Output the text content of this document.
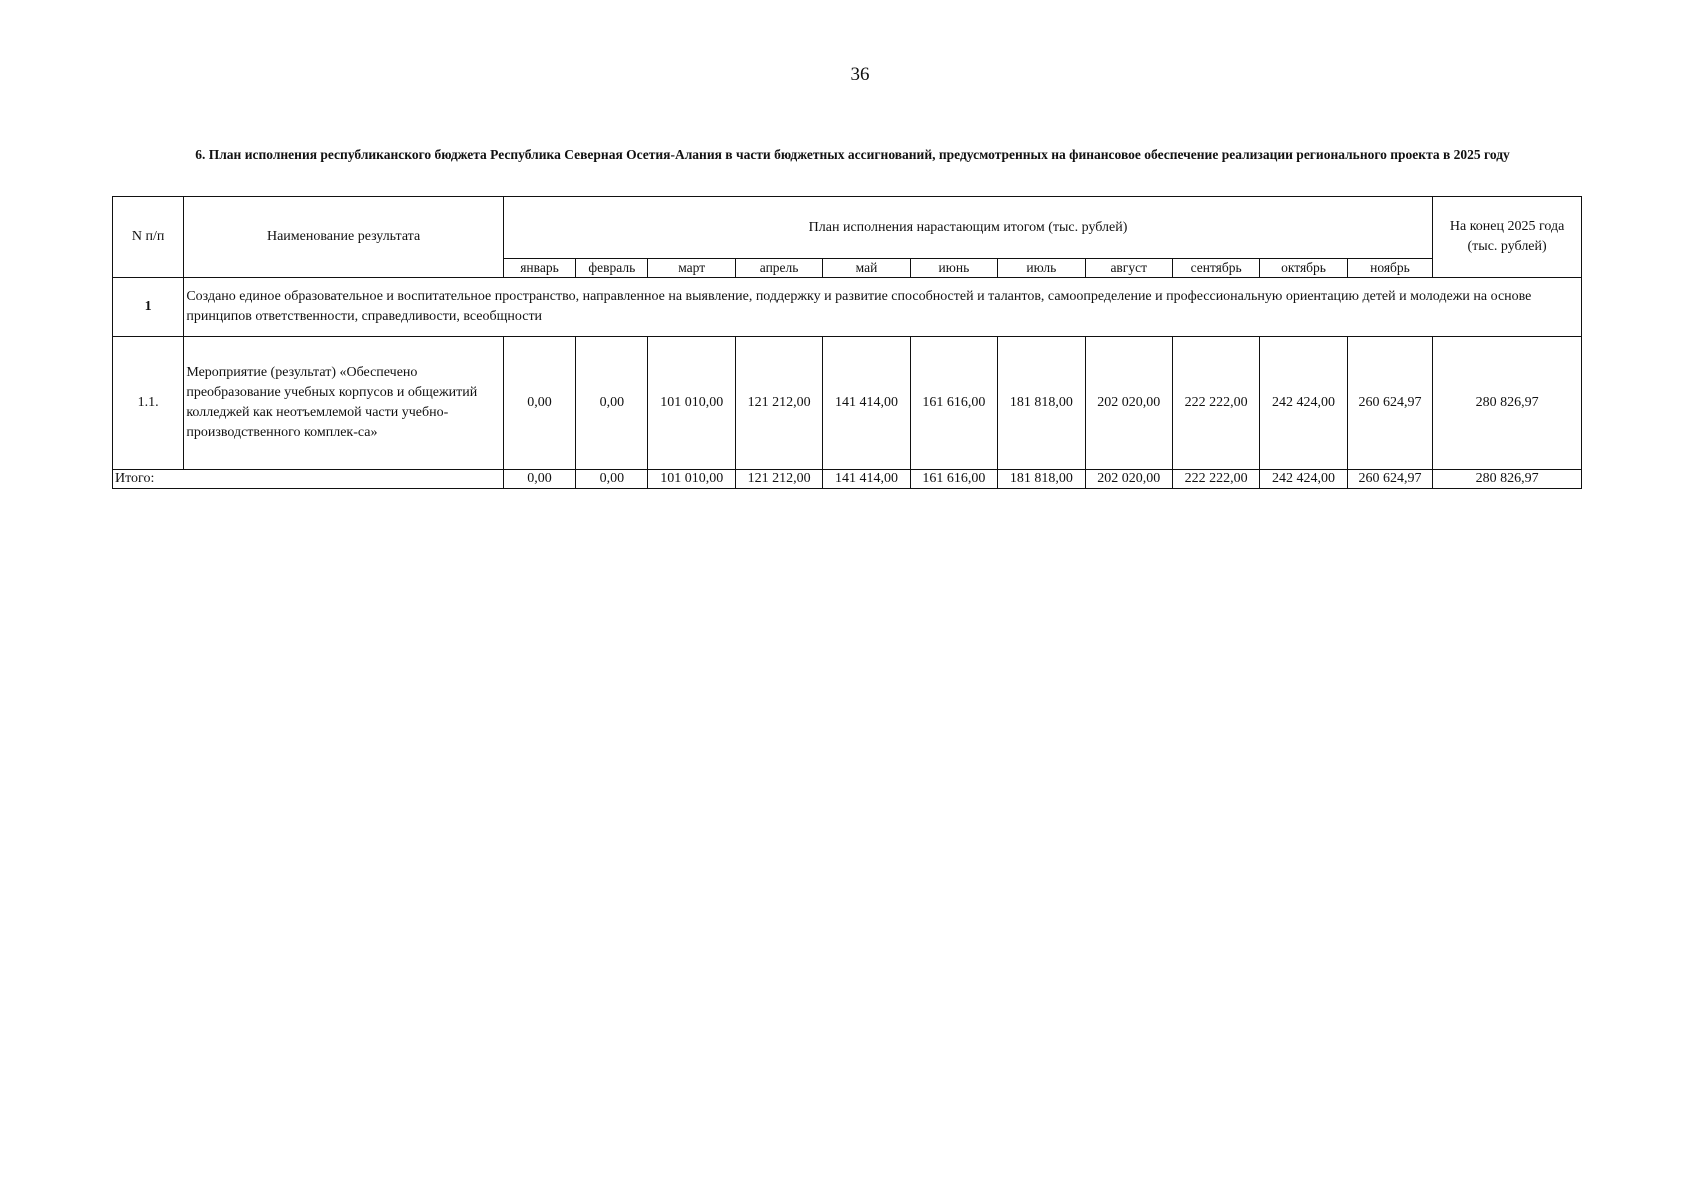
36
6. План исполнения республиканского бюджета Республика Северная Осетия-Алания в части бюджетных ассигнований, предусмотренных на финансовое обеспечение реализации регионального проекта в 2025 году
N п/п	Наименование результата	План исполнения нарастающим итогом (тыс. рублей)											На конец 2025 года (тыс. рублей)
		январь	февраль	март	апрель	май	июнь	июль	август	сентябрь	октябрь	ноябрь	
1	Создано единое образовательное и воспитательное пространство, направленное на выявление, поддержку и развитие способностей и талантов, самоопределение и профессиональную ориентацию детей и молодежи на основе принципов ответственности, справедливости, всеобщности												
1.1.	Мероприятие (результат) «Обеспечено преобразование учебных корпусов и общежитий колледжей как неотъемлемой части учебно-производственного комплек-са»	0,00	0,00	101 010,00	121 212,00	141 414,00	161 616,00	181 818,00	202 020,00	222 222,00	242 424,00	260 624,97	280 826,97
Итого:		0,00	0,00	101 010,00	121 212,00	141 414,00	161 616,00	181 818,00	202 020,00	222 222,00	242 424,00	260 624,97	280 826,97
